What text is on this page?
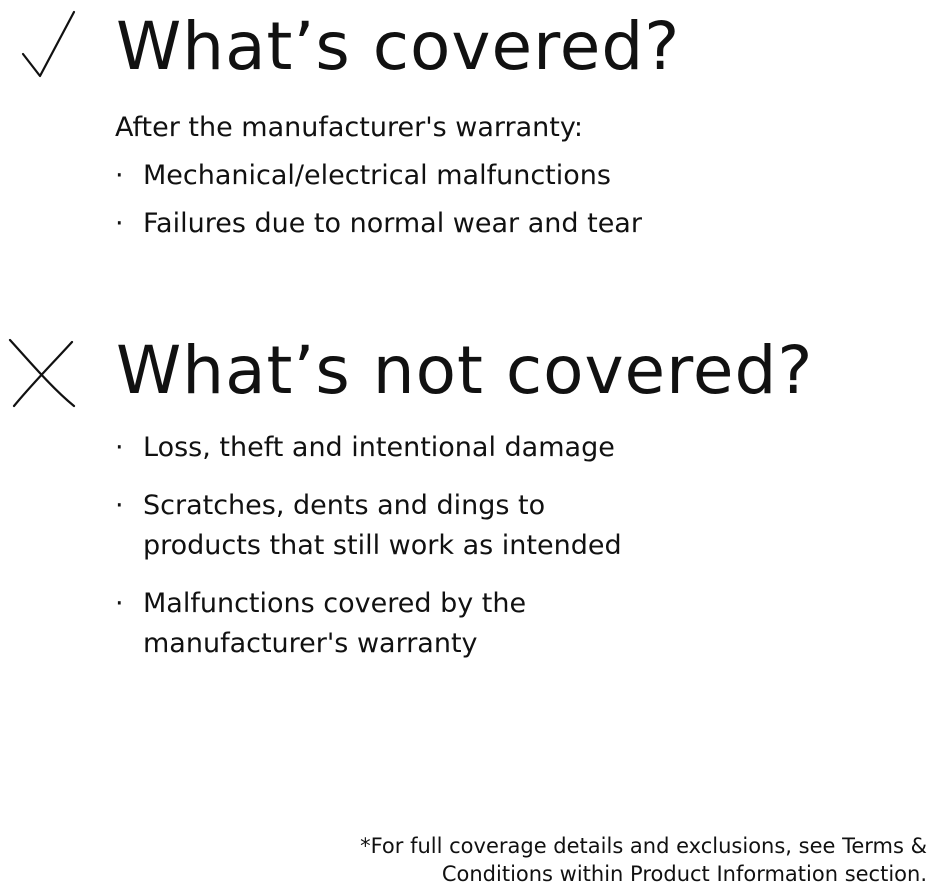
What’s covered?

After the manufacturer's warranty:

· Mechanical/electrical malfunctions
· Failures due to normal wear and tear
What’s not covered?
· Loss, theft and intentional damage
· Scratches, dents and dings to
products that still work as intended
· Malfunctions covered by the
manufacturer's warranty
*For full coverage details and exclusions, see Terms &
Conditions within Product Information section.
